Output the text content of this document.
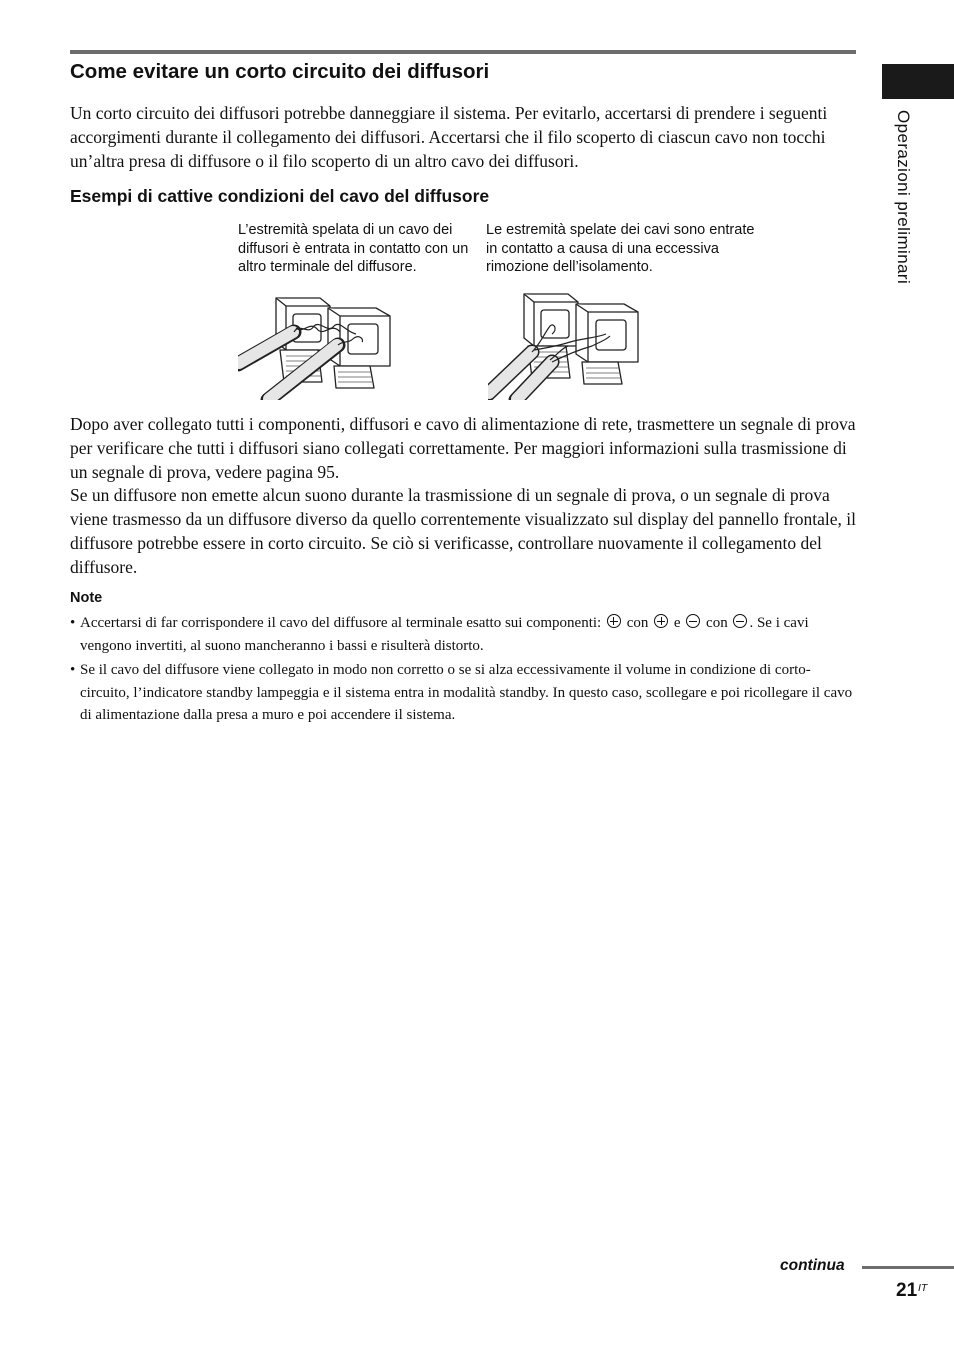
Operazioni preliminari
Come evitare un corto circuito dei diffusori

Un corto circuito dei diffusori potrebbe danneggiare il sistema. Per evitarlo, accertarsi di prendere i seguenti accorgimenti durante il collegamento dei diffusori. Accertarsi che il filo scoperto di ciascun cavo non tocchi un’altra presa di diffusore o il filo scoperto di un altro cavo dei diffusori.

Esempi di cattive condizioni del cavo del diffusore

L’estremità spelata di un cavo dei diffusori è entrata in contatto con un altro terminale del diffusore.

Le estremità spelate dei cavi sono entrate in contatto a causa di una eccessiva rimozione dell’isolamento.

Dopo aver collegato tutti i componenti, diffusori e cavo di alimentazione di rete, trasmettere un segnale di prova per verificare che tutti i diffusori siano collegati correttamente. Per maggiori informazioni sulla trasmissione di un segnale di prova, vedere pagina 95.

Se un diffusore non emette alcun suono durante la trasmissione di un segnale di prova, o un segnale di prova viene trasmesso da un diffusore diverso da quello correntemente visualizzato sul display del pannello frontale, il diffusore potrebbe essere in corto circuito. Se ciò si verificasse, controllare nuovamente il collegamento del diffusore.

Note
• Accertarsi di far corrispondere il cavo del diffusore al terminale esatto sui componenti:  con  e  con . Se i cavi vengono invertiti, al suono mancheranno i bassi e risulterà distorto.
• Se il cavo del diffusore viene collegato in modo non corretto o se si alza eccessivamente il volume in condizione di corto-circuito, l’indicatore standby lampeggia e il sistema entra in modalità standby. In questo caso, scollegare e poi ricollegare il cavo di alimentazione dalla presa a muro e poi accendere il sistema.
continua
21 IT
